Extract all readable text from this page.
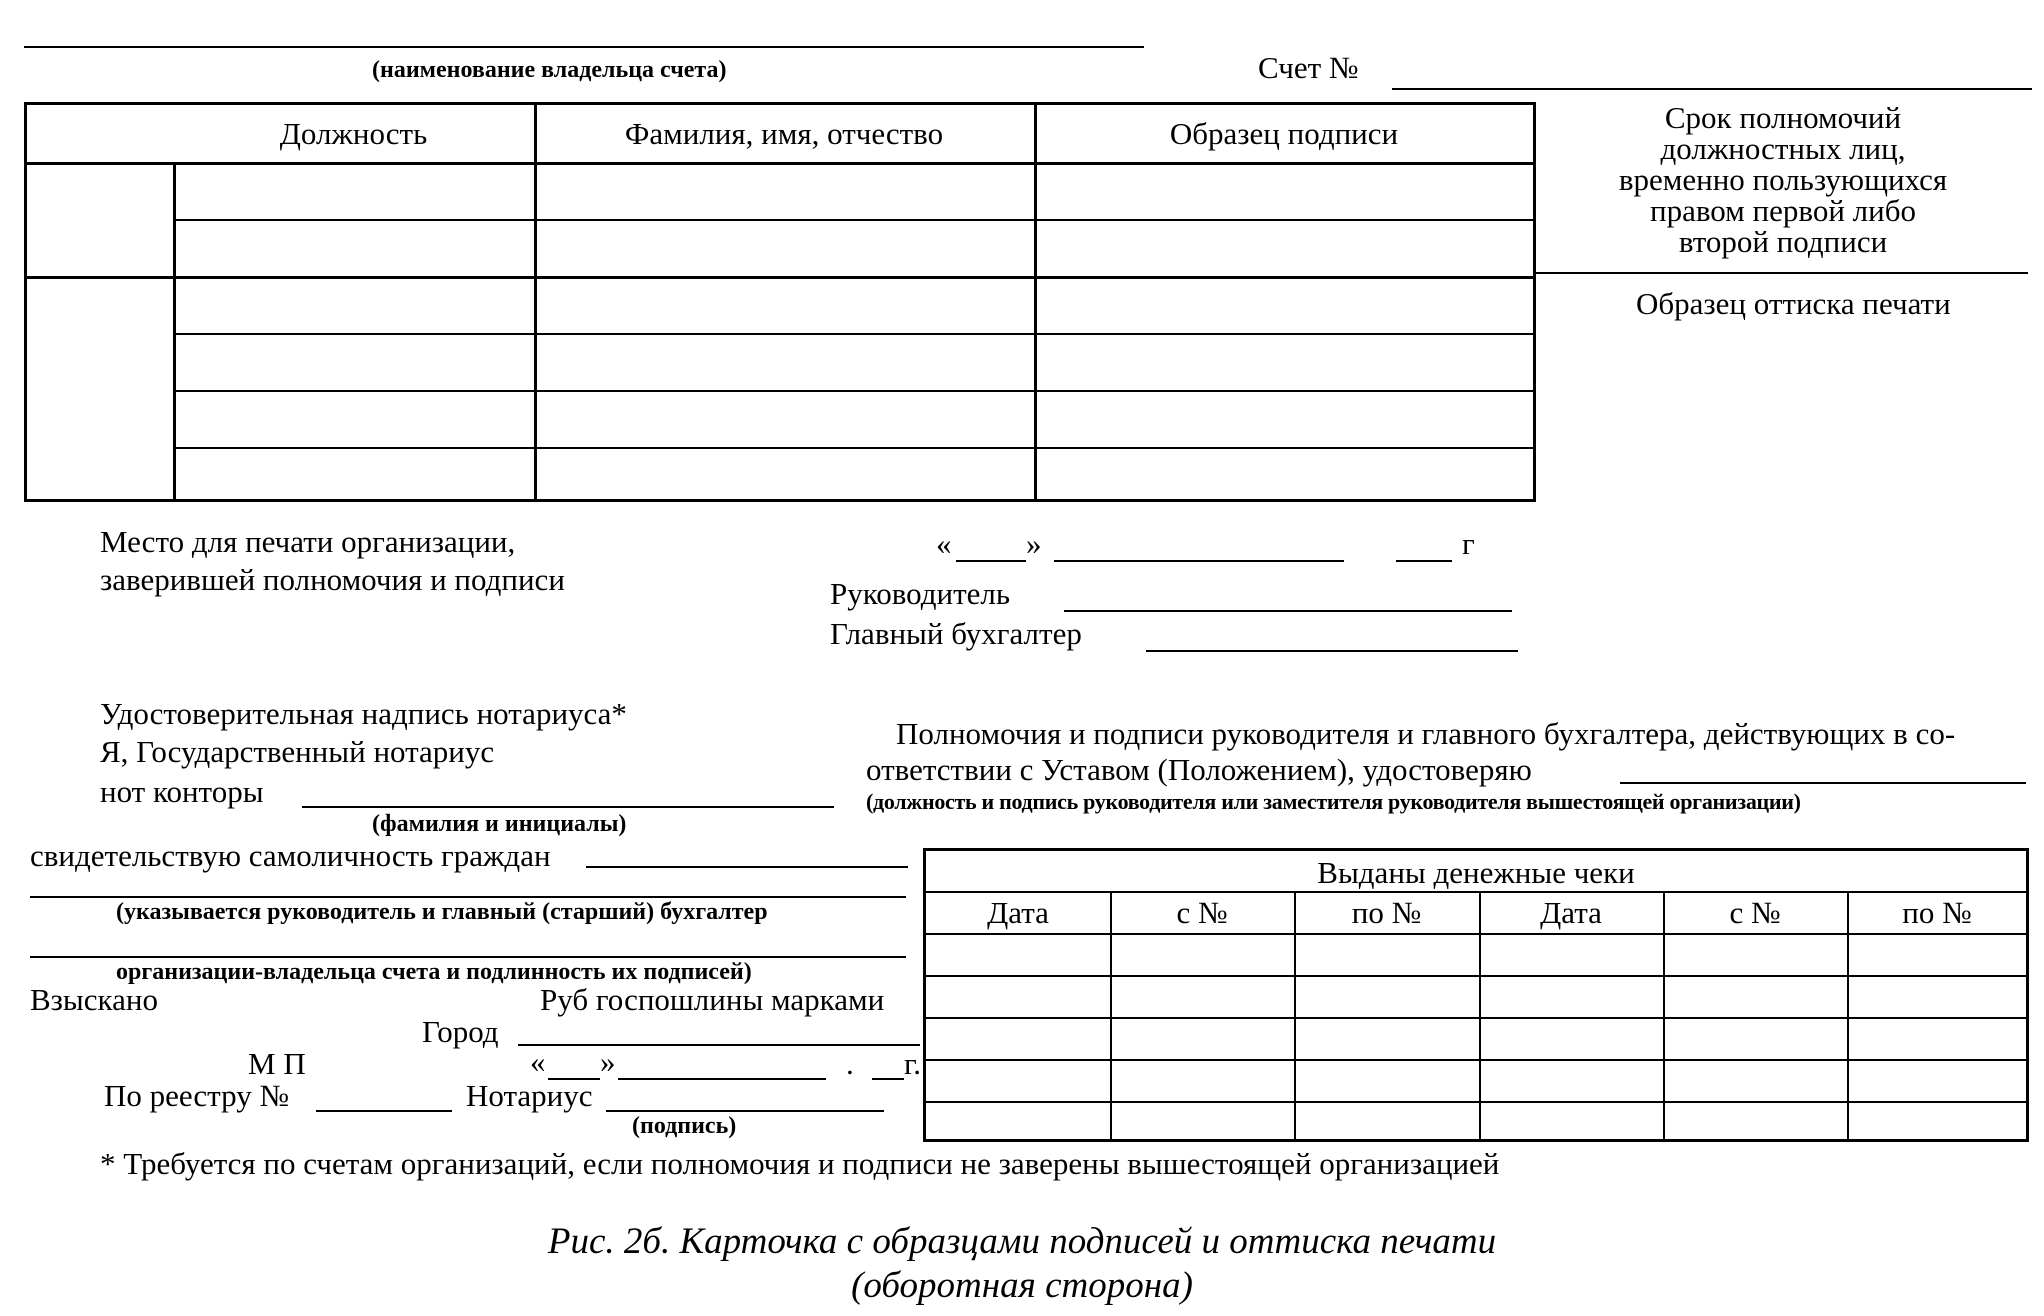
(наименование владельца счета)	Счет №
Должность	Фамилия, имя, отчество	Образец подписи	Срок полномочий
должностных лиц,
временно пользующихся
правом первой либо
второй подписи
Образец оттиска печати
Место для печати организации,
заверившей полномочия и подписи
« »	г
Руководитель
Главный бухгалтер
Удостоверительная надпись нотариуса*
Я, Государственный нотариус
нот конторы
(фамилия и инициалы)
свидетельствую самоличность граждан
(указывается руководитель и главный (старший) бухгалтер
организации-владельца счета и подлинность их подписей)
Взыскано	Руб госпошлины марками
Город
М П	« »	. г.
По реестру №	Нотариус
(подпись)
Полномочия и подписи руководителя и главного бухгалтера, действующих в со-
ответствии с Уставом (Положением), удостоверяю
(должность и подпись руководителя или заместителя руководителя вышестоящей организации)
Выданы денежные чеки
Дата	с №	по №	Дата	с №	по №
* Требуется по счетам организаций, если полномочия и подписи не заверены вышестоящей организацией
Рис. 2б. Карточка с образцами подписей и оттиска печати
(оборотная сторона)
